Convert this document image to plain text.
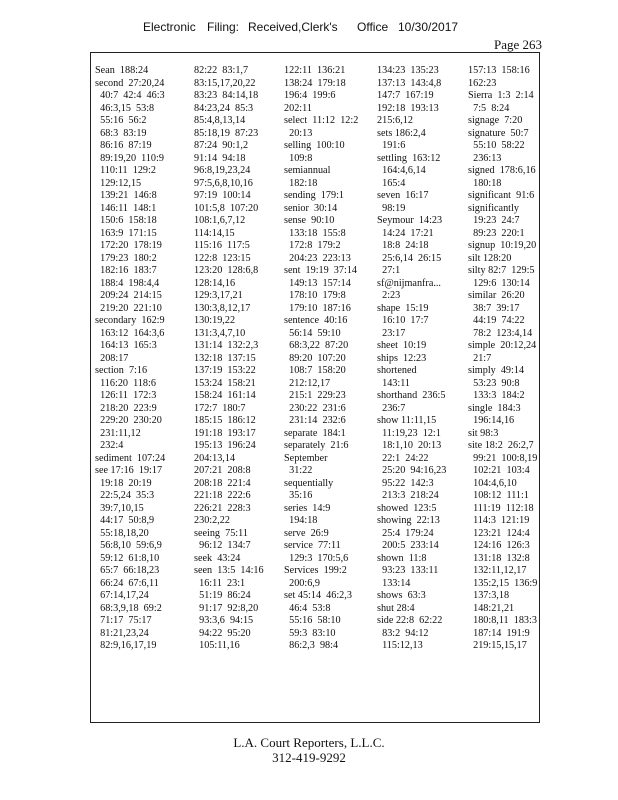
Electronic Filing: Received,Clerk's Office 10/30/2017
Page 263
Sean  188:24
second  27:20,24
40:7  42:4  46:3
46:3,15  53:8
55:16  56:2
68:3  83:19
86:16  87:19
89:19,20  110:9
110:11  129:2
129:12,15
139:21  146:8
146:11  148:1
150:6  158:18
163:9  171:15
172:20  178:19
179:23  180:2
182:16  183:7
188:4  198:4,4
209:24  214:15
219:20  221:10
secondary  162:9
163:12  164:3,6
164:13  165:3
208:17
section  7:16
116:20  118:6
126:11  172:3
218:20  223:9
229:20  230:20
231:11,12
232:4
sediment  107:24
see 17:16  19:17
19:18  20:19
22:5,24  35:3
39:7,10,15
44:17  50:8,9
55:18,18,20
56:8,10  59:6,9
59:12  61:8,10
65:7  66:18,23
66:24  67:6,11
67:14,17,24
68:3,9,18  69:2
71:17  75:17
81:21,23,24
82:9,16,17,19
82:22  83:1,7
83:15,17,20,22
83:23  84:14,18
84:23,24  85:3
85:4,8,13,14
85:18,19  87:23
87:24  90:1,2
91:14  94:18
96:8,19,23,24
97:5,6,8,10,16
97:19  100:14
101:5,8  107:20
108:1,6,7,12
114:14,15
115:16  117:5
122:8  123:15
123:20  128:6,8
128:14,16
129:3,17,21
130:3,8,12,17
130:19,22
131:3,4,7,10
131:14  132:2,3
132:18  137:15
137:19  153:22
153:24  158:21
158:24  161:14
172:7  180:7
185:15  186:12
191:18  193:17
195:13  196:24
204:13,14
207:21  208:8
208:18  221:4
221:18  222:6
226:21  228:3
230:2,22
seeing  75:11
96:12  134:7
seek  43:24
seen  13:5  14:16
16:11  23:1
51:19  86:24
91:17  92:8,20
93:3,6  94:15
94:22  95:20
105:11,16
122:11  136:21
138:24  179:18
196:4  199:6
202:11
select  11:12  12:2
20:13
selling  100:10
109:8
semiannual
182:18
sending  179:1
senior  30:14
sense  90:10
133:18  155:8
172:8  179:2
204:23  223:13
sent  19:19  37:14
149:13  157:14
178:10  179:8
179:10  187:16
sentence  40:16
56:14  59:10
68:3,22  87:20
89:20  107:20
108:7  158:20
212:12,17
215:1  229:23
230:22  231:6
231:14  232:6
separate  184:1
separately  21:6
September
31:22
sequentially
35:16
series  14:9
194:18
serve  26:9
service  77:11
129:3  170:5,6
Services  199:2
200:6,9
set 45:14  46:2,3
46:4  53:8
55:16  58:10
59:3  83:10
86:2,3  98:4
134:23  135:23
137:13  143:4,8
147:7  167:19
192:18  193:13
215:6,12
sets 186:2,4
191:6
settling  163:12
164:4,6,14
165:4
seven  16:17
98:19
Seymour  14:23
14:24  17:21
18:8  24:18
25:6,14  26:15
27:1
sf@nijmanfra...
2:23
shape  15:19
16:10  17:7
23:17
sheet  10:19
ships  12:23
shortened
143:11
shorthand  236:5
236:7
show 11:11,15
11:19,23  12:1
18:1,10  20:13
22:1  24:22
25:20  94:16,23
95:22  142:3
213:3  218:24
showed  123:5
showing  22:13
25:4  179:24
200:5  233:14
shown  11:8
93:23  133:11
133:14
shows  63:3
shut 28:4
side 22:8  62:22
83:2  94:12
115:12,13
157:13  158:16
162:23
Sierra  1:3  2:14
7:5  8:24
signage  7:20
signature  50:7
55:10  58:22
236:13
signed  178:6,16
180:18
significant  91:6
significantly
19:23  24:7
89:23  220:1
signup  10:19,20
silt 128:20
silty 82:7  129:5
129:6  130:14
similar  26:20
38:7  39:17
44:19  74:22
78:2  123:4,14
simple  20:12,24
21:7
simply  49:14
53:23  90:8
133:3  184:2
single  184:3
196:14,16
sit 98:3
site 18:2  26:2,7
99:21  100:8,19
102:21  103:4
104:4,6,10
108:12  111:1
111:19  112:18
114:3  121:19
123:21  124:4
124:16  126:3
131:18  132:8
132:11,12,17
135:2,15  136:9
137:3,18
148:21,21
180:8,11  183:3
187:14  191:9
219:15,15,17
L.A. Court Reporters, L.L.C.
312-419-9292
